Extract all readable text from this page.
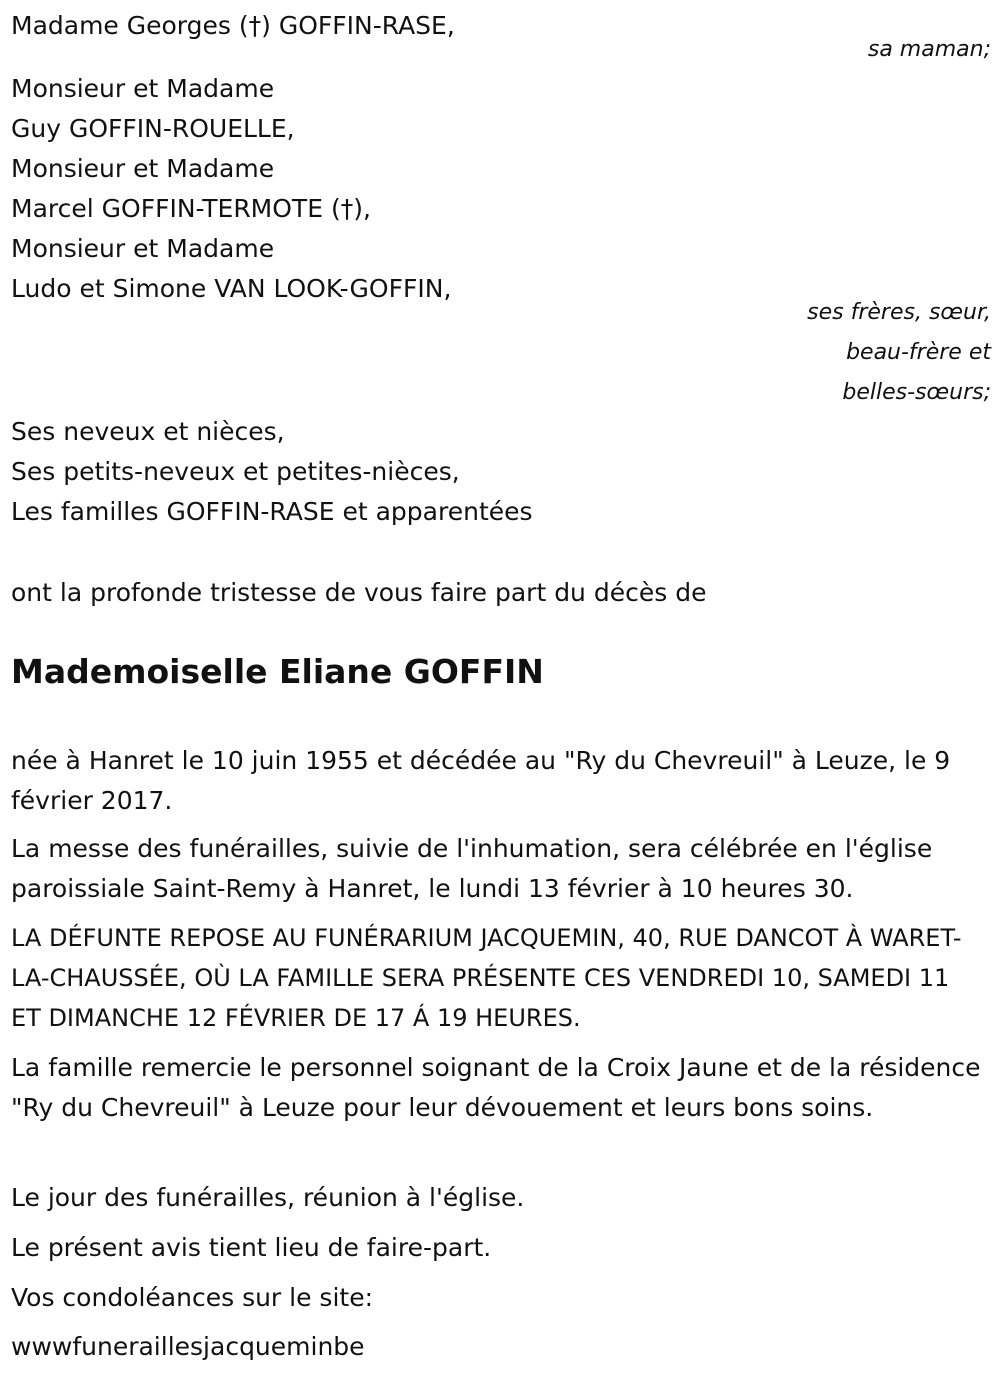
Madame Georges (†) GOFFIN-RASE,
sa maman;
Monsieur et Madame
Guy GOFFIN-ROUELLE,
Monsieur et Madame
Marcel GOFFIN-TERMOTE (†),
Monsieur et Madame
Ludo et Simone VAN LOOK-GOFFIN,
ses frères, sœur,
beau-frère et
belles-sœurs;
Ses neveux et nièces,
Ses petits-neveux et petites-nièces,
Les familles GOFFIN-RASE et apparentées
ont la profonde tristesse de vous faire part du décès de
Mademoiselle Eliane GOFFIN
née à Hanret le 10 juin 1955 et décédée au "Ry du Chevreuil" à Leuze, le 9 février 2017.
La messe des funérailles, suivie de l'inhumation, sera célébrée en l'église paroissiale Saint-Remy à Hanret, le lundi 13 février à 10 heures 30.
LA DÉFUNTE REPOSE AU FUNÉRARIUM JACQUEMIN, 40, RUE DANCOT À WARET-LA-CHAUSSÉE, OÙ LA FAMILLE SERA PRÉSENTE CES VENDREDI 10, SAMEDI 11 ET DIMANCHE 12 FÉVRIER DE 17 Á 19 HEURES.
La famille remercie le personnel soignant de la Croix Jaune et de la résidence "Ry du Chevreuil" à Leuze pour leur dévouement et leurs bons soins.
Le jour des funérailles, réunion à l'église.
Le présent avis tient lieu de faire-part.
Vos condoléances sur le site:
wwwfuneraillesjacqueminbe
